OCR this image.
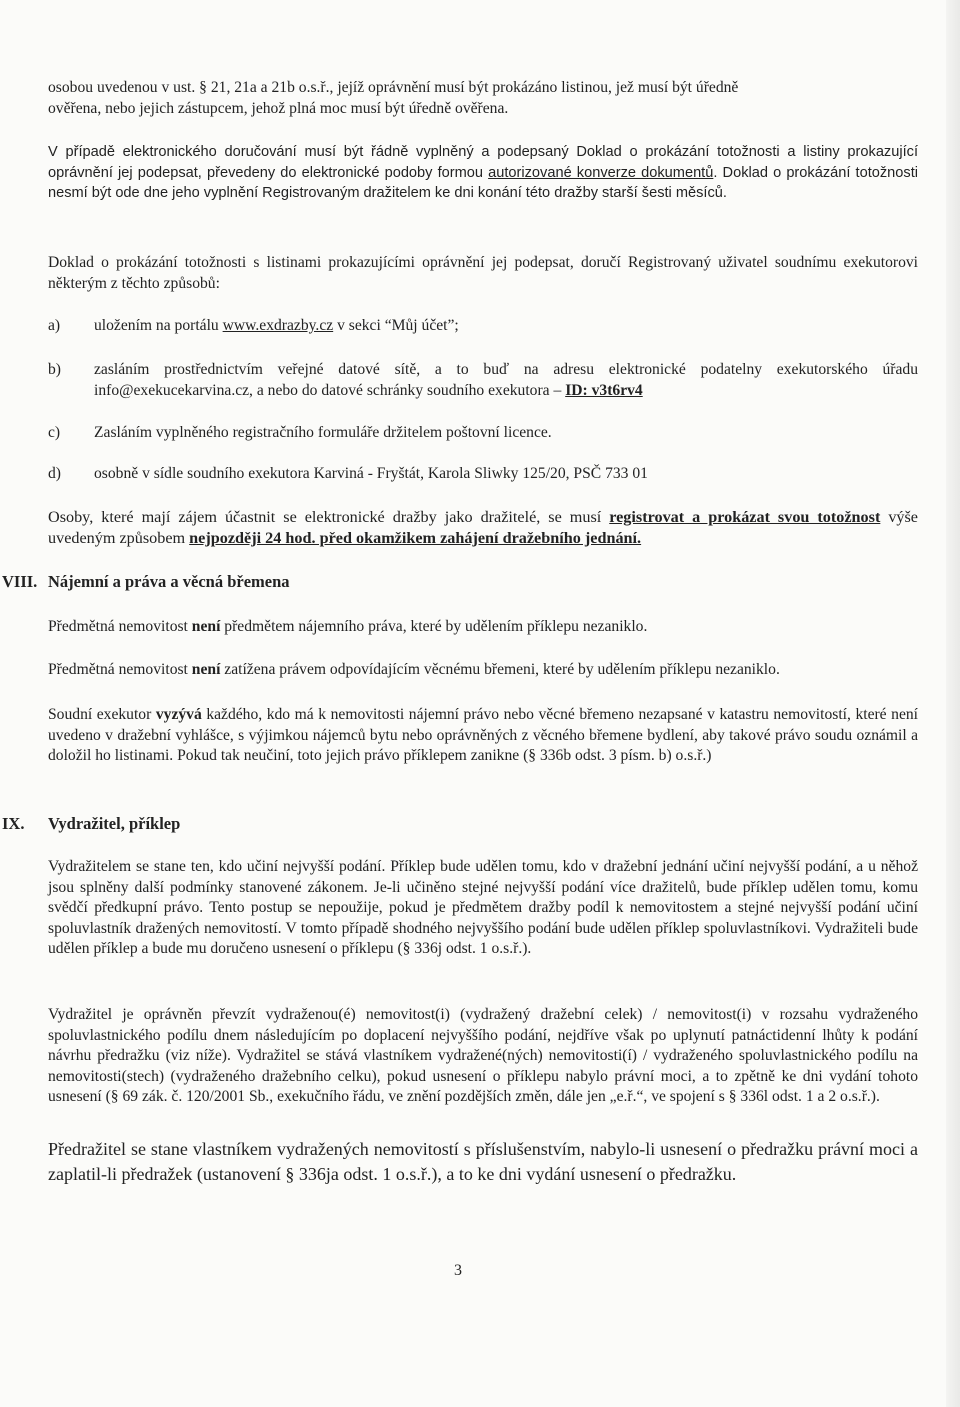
osobou uvedenou v ust. § 21, 21a a 21b o.s.ř., jejíž oprávnění musí být prokázáno listinou, jež musí být úředně
ověřena, nebo jejich zástupcem, jehož plná moc musí být úředně ověřena.
V případě elektronického doručování musí být řádně vyplněný a podepsaný Doklad o prokázání totožnosti a listiny prokazující oprávnění jej podepsat, převedeny do elektronické podoby formou autorizované konverze dokumentů. Doklad o prokázání totožnosti nesmí být ode dne jeho vyplnění Registrovaným dražitelem ke dni konání této dražby starší šesti měsíců.
Doklad o prokázání totožnosti s listinami prokazujícími oprávnění jej podepsat, doručí Registrovaný uživatel soudnímu exekutorovi některým z těchto způsobů:
a) uložením na portálu www.exdrazby.cz v sekci “Můj účet”;
b) zasláním prostřednictvím veřejné datové sítě, a to buď na adresu elektronické podatelny exekutorského úřadu info@exekucekarvina.cz, a nebo do datové schránky soudního exekutora – ID: v3t6rv4
c) Zasláním vyplněného registračního formuláře držitelem poštovní licence.
d) osobně v sídle soudního exekutora Karviná - Fryštát, Karola Sliwky 125/20, PSČ 733 01
Osoby, které mají zájem účastnit se elektronické dražby jako dražitelé, se musí registrovat a prokázat svou totožnost výše uvedeným způsobem nejpozději 24 hod. před okamžikem zahájení dražebního jednání.
VIII. Nájemní a práva a věcná břemena
Předmětná nemovitost není předmětem nájemního práva, které by udělením příklepu nezaniklo.
Předmětná nemovitost není zatížena právem odpovídajícím věcnému břemeni, které by udělením příklepu nezaniklo.
Soudní exekutor vyzývá každého, kdo má k nemovitosti nájemní právo nebo věcné břemeno nezapsané v katastru nemovitostí, které není uvedeno v dražební vyhlášce, s výjimkou nájemců bytu nebo oprávněných z věcného břemene bydlení, aby takové právo soudu oznámil a doložil ho listinami. Pokud tak neučiní, toto jejich právo příklepem zanikne (§ 336b odst. 3 písm. b) o.s.ř.)
IX. Vydražitel, příklep
Vydražitelem se stane ten, kdo učiní nejvyšší podání. Příklep bude udělen tomu, kdo v dražební jednání učiní nejvyšší podání, a u něhož jsou splněny další podmínky stanovené zákonem. Je-li učiněno stejné nejvyšší podání více dražitelů, bude příklep udělen tomu, komu svědčí předkupní právo. Tento postup se nepoužije, pokud je předmětem dražby podíl k nemovitostem a stejné nejvyšší podání učiní spoluvlastník dražených nemovitostí. V tomto případě shodného nejvyššího podání bude udělen příklep spoluvlastníkovi. Vydražiteli bude udělen příklep a bude mu doručeno usnesení o příklepu (§ 336j odst. 1 o.s.ř.).
Vydražitel je oprávněn převzít vydraženou(é) nemovitost(i) (vydražený dražební celek) / nemovitost(i) v rozsahu vydraženého spoluvlastnického podílu dnem následujícím po doplacení nejvyššího podání, nejdříve však po uplynutí patnáctidenní lhůty k podání návrhu předražku (viz níže). Vydražitel se stává vlastníkem vydražené(ných) nemovitosti(í) / vydraženého spoluvlastnického podílu na nemovitosti(stech) (vydraženého dražebního celku), pokud usnesení o příklepu nabylo právní moci, a to zpětně ke dni vydání tohoto usnesení (§ 69 zák. č. 120/2001 Sb., exekučního řádu, ve znění pozdějších změn, dále jen „e.ř.“, ve spojení s § 336l odst. 1 a 2 o.s.ř.).
Předražitel se stane vlastníkem vydražených nemovitostí s příslušenstvím, nabylo-li usnesení o předražku právní moci a zaplatil-li předražek (ustanovení § 336ja odst. 1 o.s.ř.), a to ke dni vydání usnesení o předražku.
3
